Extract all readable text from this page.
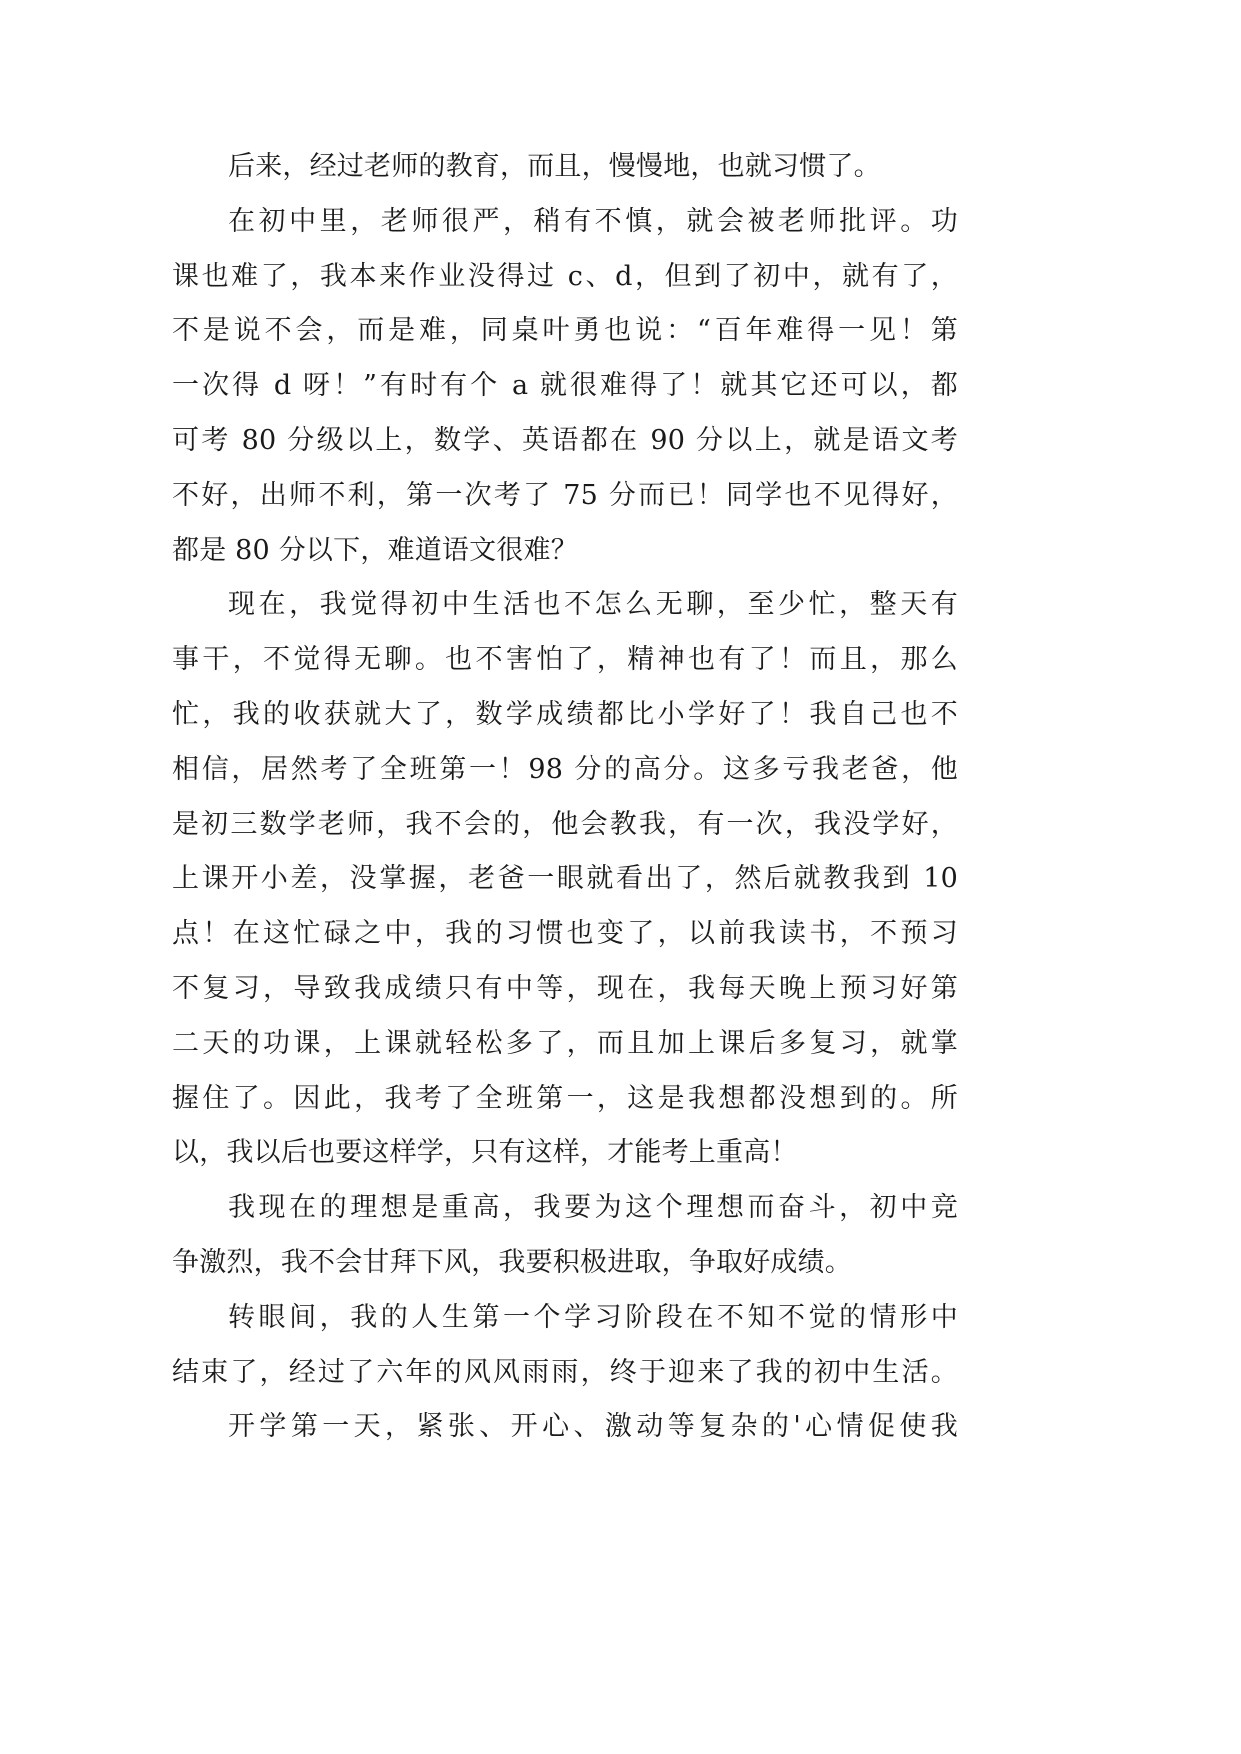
后来，经过老师的教育，而且，慢慢地，也就习惯了。
在初中里，老师很严，稍有不慎，就会被老师批评。功
课也难了，我本来作业没得过 c、d，但到了初中，就有了，
不是说不会，而是难，同桌叶勇也说：“百年难得一见！第
一次得 d 呀！”有时有个 a 就很难得了！就其它还可以，都
可考 80 分级以上，数学、英语都在 90 分以上，就是语文考
不好，出师不利，第一次考了 75 分而已！同学也不见得好，
都是 80 分以下，难道语文很难？
现在，我觉得初中生活也不怎么无聊，至少忙，整天有
事干，不觉得无聊。也不害怕了，精神也有了！而且，那么
忙，我的收获就大了，数学成绩都比小学好了！我自己也不
相信，居然考了全班第一！98 分的高分。这多亏我老爸，他
是初三数学老师，我不会的，他会教我，有一次，我没学好，
上课开小差，没掌握，老爸一眼就看出了，然后就教我到 10
点！在这忙碌之中，我的习惯也变了，以前我读书，不预习
不复习，导致我成绩只有中等，现在，我每天晚上预习好第
二天的功课，上课就轻松多了，而且加上课后多复习，就掌
握住了。因此，我考了全班第一，这是我想都没想到的。所
以，我以后也要这样学，只有这样，才能考上重高！
我现在的理想是重高，我要为这个理想而奋斗，初中竞
争激烈，我不会甘拜下风，我要积极进取，争取好成绩。
转眼间，我的人生第一个学习阶段在不知不觉的情形中
结束了，经过了六年的风风雨雨，终于迎来了我的初中生活。
开学第一天，紧张、开心、激动等复杂的'心情促使我
